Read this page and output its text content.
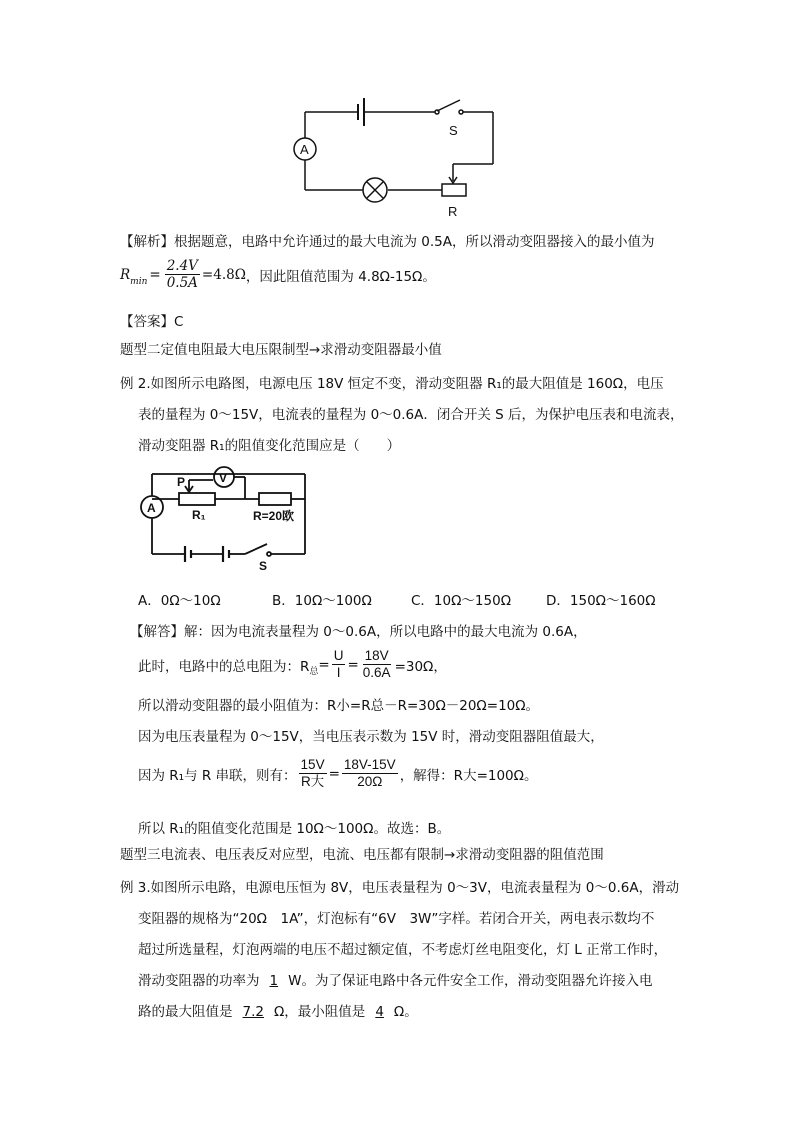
A
S
R
【解析】根据题意，电路中允许通过的最大电流为 0.5A，所以滑动变阻器接入的最小值为
$R_{min} = \frac{2.4V}{0.5A} =4.8\Omega$ ，因此阻值范围为 4.8Ω-15Ω。
【答案】C
题型二定值电阻最大电压限制型→求滑动变阻器最小值
例 2.如图所示电路图，电源电压 18V 恒定不变，滑动变阻器 R₁的最大阻值是 160Ω，电压
表的量程为 0～15V，电流表的量程为 0～0.6A．闭合开关 S 后，为保护电压表和电流表，
滑动变阻器 R₁的阻值变化范围应是（　　）
A
V
P
R₁	R=20欧
S
A．0Ω～10Ω	B．10Ω～100Ω	C．10Ω～150Ω	D．150Ω～160Ω
【解答】解：因为电流表量程为 0～0.6A，所以电路中的最大电流为 0.6A，
此时，电路中的总电阻为：$R_总 = \frac{U}{I} = \frac{18V}{0.6A} =30\Omega$，
所以滑动变阻器的最小阻值为：R小=R总－R=30Ω－20Ω=10Ω。
因为电压表量程为 0～15V，当电压表示数为 15V 时，滑动变阻器阻值最大，
因为 R₁与 R 串联，则有： $\frac{15V}{\text{R大}} = \frac{18V-15V}{20\Omega}$ ，解得：R大=100Ω。
所以 R₁的阻值变化范围是 10Ω～100Ω。故选：B。
题型三电流表、电压表反对应型，电流、电压都有限制→求滑动变阻器的阻值范围
例 3.如图所示电路，电源电压恒为 8V，电压表量程为 0～3V，电流表量程为 0～0.6A，滑动
变阻器的规格为“20Ω　1A”，灯泡标有“6V　3W”字样。若闭合开关，两电表示数均不
超过所选量程，灯泡两端的电压不超过额定值，不考虑灯丝电阻变化，灯 L 正常工作时，
滑动变阻器的功率为 1 W。为了保证电路中各元件安全工作，滑动变阻器允许接入电
路的最大阻值是 7.2 Ω，最小阻值是 4 Ω。
